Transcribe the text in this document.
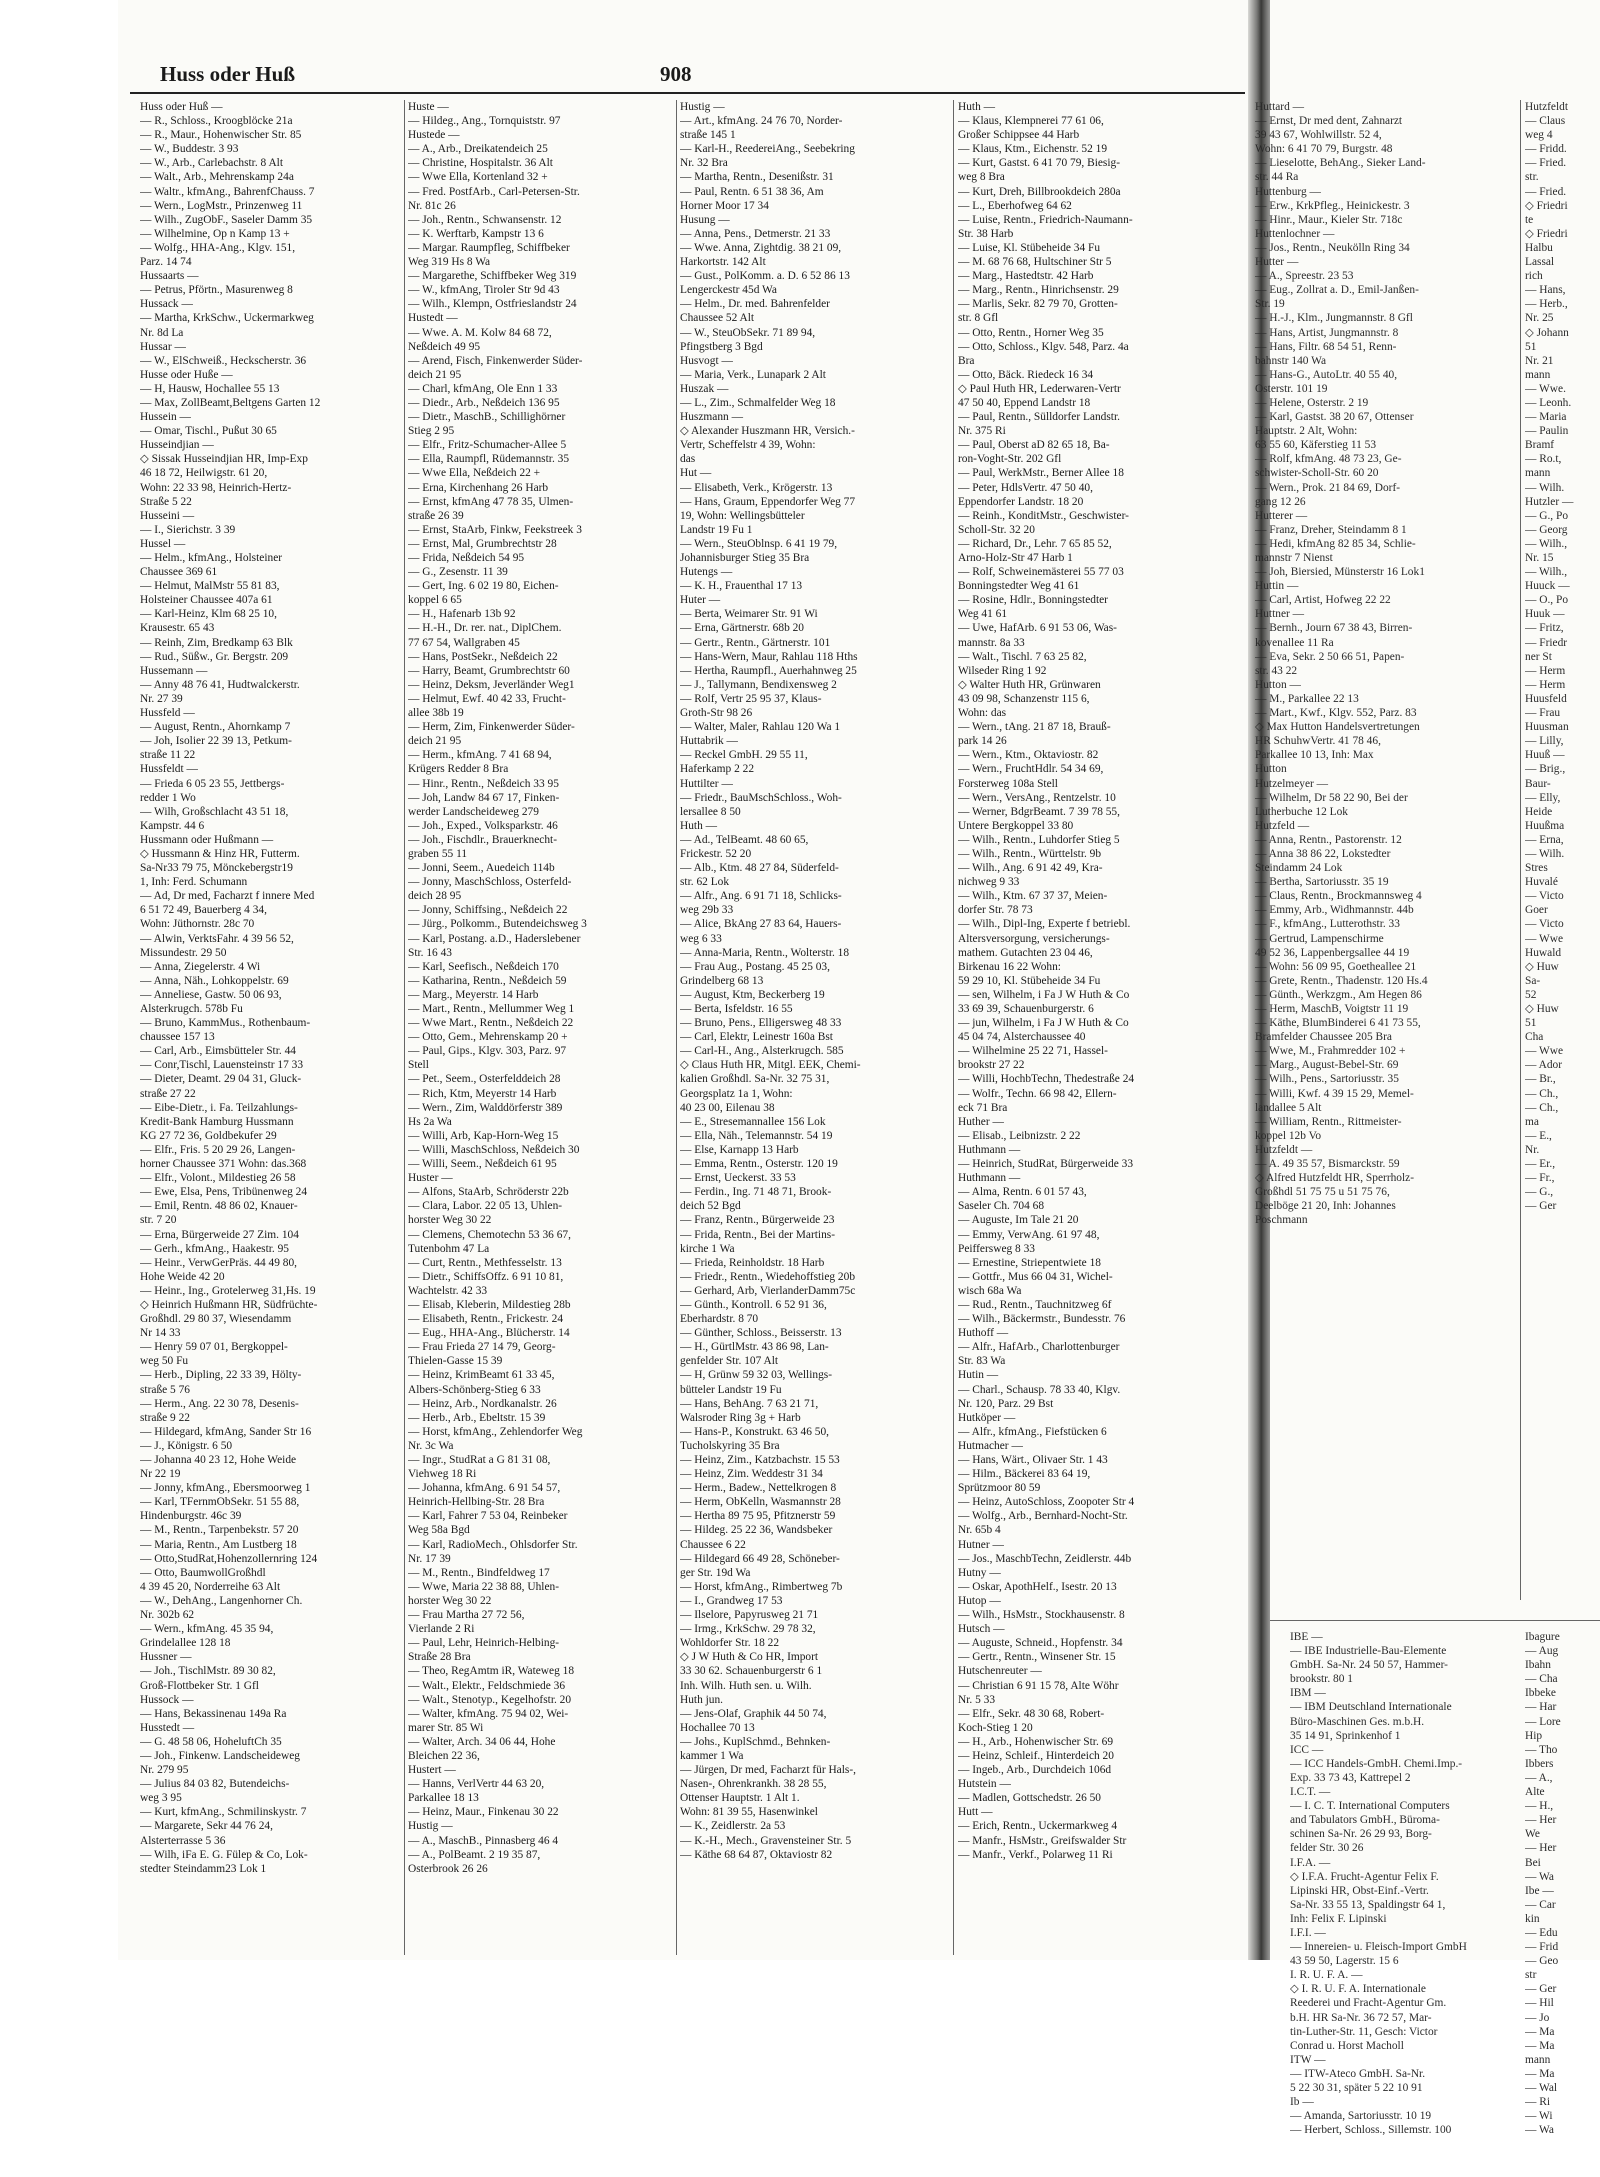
Huss oder Huß	908
Huss oder Huß —
— R., Schloss., Kroogblöcke 21a
— R., Maur., Hohenwischer Str. 85
— W., Buddestr. 3 93
— W., Arb., Carlebachstr. 8 Alt
— Walt., Arb., Mehrenskamp 24a
— Waltr., kfmAng., BahrenfChauss. 7
— Wern., LogMstr., Prinzenweg 11
— Wilh., ZugObF., Saseler Damm 35
— Wilhelmine, Op n Kamp 13 +
— Wolfg., HHA-Ang., Klgv. 151,
Parz. 14 74
Hussaarts —
— Petrus, Pförtn., Masurenweg 8
Hussack —
— Martha, KrkSchw., Uckermarkweg
Nr. 8d La
Hussar —
— W., ElSchweiß., Heckscherstr. 36
Husse oder Huße —
— H, Hausw, Hochallee 55 13
— Max, ZollBeamt,Beltgens Garten 12
Hussein —
— Omar, Tischl., Pußut 30 65
Husseindjian —
◇ Sissak Husseindjian HR, Imp-Exp
46 18 72, Heilwigstr. 61 20,
Wohn: 22 33 98, Heinrich-Hertz-
Straße 5 22
Husseini —
— I., Sierichstr. 3 39
Hussel —
— Helm., kfmAng., Holsteiner
Chaussee 369 61
— Helmut, MalMstr 55 81 83,
Holsteiner Chaussee 407a 61
— Karl-Heinz, Klm 68 25 10,
Krausestr. 65 43
— Reinh, Zim, Bredkamp 63 Blk
— Rud., Süßw., Gr. Bergstr. 209
Hussemann —
— Anny 48 76 41, Hudtwalckerstr.
Nr. 27 39
Hussfeld —
— August, Rentn., Ahornkamp 7
— Joh, Isolier 22 39 13, Petkum-
straße 11 22
Hussfeldt —
— Frieda 6 05 23 55, Jettbergs-
redder 1 Wo
— Wilh, Großschlacht 43 51 18,
Kampstr. 44 6
Hussmann oder Hußmann —
◇ Hussmann & Hinz HR, Futterm.
Sa-Nr33 79 75, Mönckebergstr19
1, Inh: Ferd. Schumann
— Ad, Dr med, Facharzt f innere Med
6 51 72 49, Bauerberg 4 34,
Wohn: Jüthornstr. 28c 70
— Alwin, VerktsFahr. 4 39 56 52,
Missundestr. 29 50
— Anna, Ziegelerstr. 4 Wi
— Anna, Näh., Lohkoppelstr. 69
— Anneliese, Gastw. 50 06 93,
Alsterkrugch. 578b Fu
— Bruno, KammMus., Rothenbaum-
chaussee 157 13
— Carl, Arb., Eimsbütteler Str. 44
— Conr,Tischl, Lauensteinstr 17 33
— Dieter, Deamt. 29 04 31, Gluck-
straße 27 22
— Eibe-Dietr., i. Fa. Teilzahlungs-
Kredit-Bank Hamburg Hussmann
KG 27 72 36, Goldbekufer 29
— Elfr., Fris. 5 20 29 26, Langen-
horner Chaussee 371 Wohn: das.368
— Elfr., Volont., Mildestieg 26 58
— Ewe, Elsa, Pens, Tribünenweg 24
— Emil, Rentn. 48 86 02, Knauer-
str. 7 20
— Erna, Bürgerweide 27 Zim. 104
— Gerh., kfmAng., Haakestr. 95
— Heinr., VerwGerPräs. 44 49 80,
Hohe Weide 42 20
— Heinr., Ing., Grotelerweg 31,Hs. 19
◇ Heinrich Hußmann HR, Südfrüchte-
Großhdl. 29 80 37, Wiesendamm
Nr 14 33
— Henry 59 07 01, Bergkoppel-
weg 50 Fu
— Herb., Dipling, 22 33 39, Hölty-
straße 5 76
— Herm., Ang. 22 30 78, Desenis-
straße 9 22
— Hildegard, kfmAng, Sander Str 16
— J., Königstr. 6 50
— Johanna 40 23 12, Hohe Weide
Nr 22 19
— Jonny, kfmAng., Ebersmoorweg 1
— Karl, TFernmObSekr. 51 55 88,
Hindenburgstr. 46c 39
— M., Rentn., Tarpenbekstr. 57 20
— Maria, Rentn., Am Lustberg 18
— Otto,StudRat,Hohenzollernring 124
— Otto, BaumwollGroßhdl
4 39 45 20, Norderreihe 63 Alt
— W., DehAng., Langenhorner Ch.
Nr. 302b 62
— Wern., kfmAng. 45 35 94,
Grindelallee 128 18
Hussner —
— Joh., TischlMstr. 89 30 82,
Groß-Flottbeker Str. 1 Gfl
Hussock —
— Hans, Bekassinenau 149a Ra
Husstedt —
— G. 48 58 06, HoheluftCh 35
— Joh., Finkenw. Landscheideweg
Nr. 279 95
— Julius 84 03 82, Butendeichs-
weg 3 95
— Kurt, kfmAng., Schmilinskystr. 7
— Margarete, Sekr 44 76 24,
Alsterterrasse 5 36
— Wilh, iFa E. G. Fülep & Co, Lok-
stedter Steindamm23 Lok 1
Huste —
— Hildeg., Ang., Tornquiststr. 97
Hustede —
— A., Arb., Dreikatendeich 25
— Christine, Hospitalstr. 36 Alt
— Wwe Ella, Kortenland 32 +
— Fred. PostfArb., Carl-Petersen-Str.
Nr. 81c 26
— Joh., Rentn., Schwansenstr. 12
— K. Werftarb, Kampstr 13 6
— Margar. Raumpfleg, Schiffbeker
Weg 319 Hs 8 Wa
— Margarethe, Schiffbeker Weg 319
— W., kfmAng, Tiroler Str 9d 43
— Wilh., Klempn, Ostfrieslandstr 24
Hustedt —
— Wwe. A. M. Kolw 84 68 72,
Neßdeich 49 95
— Arend, Fisch, Finkenwerder Süder-
deich 21 95
— Charl, kfmAng, Ole Enn 1 33
— Diedr., Arb., Neßdeich 136 95
— Dietr., MaschB., Schillighörner
Stieg 2 95
— Elfr., Fritz-Schumacher-Allee 5
— Ella, Raumpfl, Rüdemannstr. 35
— Wwe Ella, Neßdeich 22 +
— Erna, Kirchenhang 26 Harb
— Ernst, kfmAng 47 78 35, Ulmen-
straße 26 39
— Ernst, StaArb, Finkw, Feekstreek 3
— Ernst, Mal, Grumbrechtstr 28
— Frida, Neßdeich 54 95
— G., Zesenstr. 11 39
— Gert, Ing. 6 02 19 80, Eichen-
koppel 6 65
— H., Hafenarb 13b 92
— H.-H., Dr. rer. nat., DiplChem.
77 67 54, Wallgraben 45
— Hans, PostSekr., Neßdeich 22
— Harry, Beamt, Grumbrechtstr 60
— Heinz, Deksm, Jeverländer Weg1
— Helmut, Ewf. 40 42 33, Frucht-
allee 38b 19
— Herm, Zim, Finkenwerder Süder-
deich 21 95
— Herm., kfmAng. 7 41 68 94,
Krügers Redder 8 Bra
— Hinr., Rentn., Neßdeich 33 95
— Joh, Landw 84 67 17, Finken-
werder Landscheideweg 279
— Joh., Exped., Volksparkstr. 46
— Joh., Fischdlr., Brauerknecht-
graben 55 11
— Jonni, Seem., Auedeich 114b
— Jonny, MaschSchloss, Osterfeld-
deich 28 95
— Jonny, Schiffsing., Neßdeich 22
— Jürg., Polkomm., Butendeichsweg 3
— Karl, Postang. a.D., Haderslebener
Str. 16 43
— Karl, Seefisch., Neßdeich 170
— Katharina, Rentn., Neßdeich 59
— Marg., Meyerstr. 14 Harb
— Mart., Rentn., Mellummer Weg 1
— Wwe Mart., Rentn., Neßdeich 22
— Otto, Gem., Mehrenskamp 20 +
— Paul, Gips., Klgv. 303, Parz. 97
Stell
— Pet., Seem., Osterfelddeich 28
— Rich, Ktm, Meyerstr 14 Harb
— Wern., Zim, Walddörferstr 389
Hs 2a Wa
— Willi, Arb, Kap-Horn-Weg 15
— Willi, MaschSchloss, Neßdeich 30
— Willi, Seem., Neßdeich 61 95
Huster —
— Alfons, StaArb, Schröderstr 22b
— Clara, Labor. 22 05 13, Uhlen-
horster Weg 30 22
— Clemens, Chemotechn 53 36 67,
Tutenbohm 47 La
— Curt, Rentn., Methfesselstr. 13
— Dietr., SchiffsOffz. 6 91 10 81,
Wachtelstr. 42 33
— Elisab, Kleberin, Mildestieg 28b
— Elisabeth, Rentn., Frickestr. 24
— Eug., HHA-Ang., Blücherstr. 14
— Frau Frieda 27 14 79, Georg-
Thielen-Gasse 15 39
— Heinz, KrimBeamt 61 33 45,
Albers-Schönberg-Stieg 6 33
— Heinz, Arb., Nordkanalstr. 26
— Herb., Arb., Ebeltstr. 15 39
— Horst, kfmAng., Zehlendorfer Weg
Nr. 3c Wa
— Ingr., StudRat a G 81 31 08,
Viehweg 18 Ri
— Johanna, kfmAng. 6 91 54 57,
Heinrich-Hellbing-Str. 28 Bra
— Karl, Fahrer 7 53 04, Reinbeker
Weg 58a Bgd
— Karl, RadioMech., Ohlsdorfer Str.
Nr. 17 39
— M., Rentn., Bindfeldweg 17
— Wwe, Maria 22 38 88, Uhlen-
horster Weg 30 22
— Frau Martha 27 72 56,
Vierlande 2 Ri
— Paul, Lehr, Heinrich-Helbing-
Straße 28 Bra
— Theo, RegAmtm iR, Wateweg 18
— Walt., Elektr., Feldschmiede 36
— Walt., Stenotyp., Kegelhofstr. 20
— Walter, kfmAng. 75 94 02, Wei-
marer Str. 85 Wi
— Walter, Arch. 34 06 44, Hohe
Bleichen 22 36,
Hustert —
— Hanns, VerlVertr 44 63 20,
Parkallee 18 13
— Heinz, Maur., Finkenau 30 22
Hustig —
— A., MaschB., Pinnasberg 46 4
— A., PolBeamt. 2 19 35 87,
Osterbrook 26 26
Hustig —
— Art., kfmAng. 24 76 70, Norder-
straße 145 1
— Karl-H., ReedereiAng., Seebekring
Nr. 32 Bra
— Martha, Rentn., Desenißstr. 31
— Paul, Rentn. 6 51 38 36, Am
Horner Moor 17 34
Husung —
— Anna, Pens., Detmerstr. 21 33
— Wwe. Anna, Zightdig. 38 21 09,
Harkortstr. 142 Alt
— Gust., PolKomm. a. D. 6 52 86 13
Lengerckestr 45d Wa
— Helm., Dr. med. Bahrenfelder
Chaussee 52 Alt
— W., SteuObSekr. 71 89 94,
Pfingstberg 3 Bgd
Husvogt —
— Maria, Verk., Lunapark 2 Alt
Huszak —
— L., Zim., Schmalfelder Weg 18
Huszmann —
◇ Alexander Huszmann HR, Versich.-
Vertr, Scheffelstr 4 39, Wohn:
das
Hut —
— Elisabeth, Verk., Krögerstr. 13
— Hans, Graum, Eppendorfer Weg 77
19, Wohn: Wellingsbütteler
Landstr 19 Fu 1
— Wern., SteuOblnsp. 6 41 19 79,
Johannisburger Stieg 35 Bra
Hutengs —
— K. H., Frauenthal 17 13
Huter —
— Berta, Weimarer Str. 91 Wi
— Erna, Gärtnerstr. 68b 20
— Gertr., Rentn., Gärtnerstr. 101
— Hans-Wern, Maur, Rahlau 118 Hths
— Hertha, Raumpfl., Auerhahnweg 25
— J., Tallymann, Bendixensweg 2
— Rolf, Vertr 25 95 37, Klaus-
Groth-Str 98 26
— Walter, Maler, Rahlau 120 Wa 1
Huttabrik —
— Reckel GmbH. 29 55 11,
Haferkamp 2 22
Huttilter —
— Friedr., BauMschSchloss., Woh-
lersallee 8 50
Huth —
— Ad., TelBeamt. 48 60 65,
Frickestr. 52 20
— Alb., Ktm. 48 27 84, Süderfeld-
str. 62 Lok
— Alfr., Ang. 6 91 71 18, Schlicks-
weg 29b 33
— Alice, BkAng 27 83 64, Hauers-
weg 6 33
— Anna-Maria, Rentn., Wolterstr. 18
— Frau Aug., Postang. 45 25 03,
Grindelberg 68 13
— August, Ktm, Beckerberg 19
— Berta, Isfeldstr. 16 55
— Bruno, Pens., Elligersweg 48 33
— Carl, Elektr, Leinestr 160a Bst
— Carl-H., Ang., Alsterkrugch. 585
◇ Claus Huth HR, Mitgl. EEK, Chemi-
kalien Großhdl. Sa-Nr. 32 75 31,
Georgsplatz 1a 1, Wohn:
40 23 00, Eilenau 38
— E., Stresemannallee 156 Lok
— Ella, Näh., Telemannstr. 54 19
— Else, Karnapp 13 Harb
— Emma, Rentn., Osterstr. 120 19
— Ernst, Ueckerst. 33 53
— Ferdin., Ing. 71 48 71, Brook-
deich 52 Bgd
— Franz, Rentn., Bürgerweide 23
— Frida, Rentn., Bei der Martins-
kirche 1 Wa
— Frieda, Reinholdstr. 18 Harb
— Friedr., Rentn., Wiedehoffstieg 20b
— Gerhard, Arb, VierlanderDamm75c
— Günth., Kontroll. 6 52 91 36,
Eberhardstr. 8 70
— Günther, Schloss., Beisserstr. 13
— H., GürtlMstr. 43 86 98, Lan-
genfelder Str. 107 Alt
— H, Grünw 59 32 03, Wellings-
bütteler Landstr 19 Fu
— Hans, BehAng. 7 63 21 71,
Walsroder Ring 3g + Harb
— Hans-P., Konstrukt. 63 46 50,
Tucholskyring 35 Bra
— Heinz, Zim., Katzbachstr. 15 53
— Heinz, Zim. Weddestr 31 34
— Herm., Badew., Nettelkrogen 8
— Herm, ObKelln, Wasmannstr 28
— Hertha 89 75 95, Pfitznerstr 59
— Hildeg. 25 22 36, Wandsbeker
Chaussee 6 22
— Hildegard 66 49 28, Schöneber-
ger Str. 19d Wa
— Horst, kfmAng., Rimbertweg 7b
— I., Grandweg 17 53
— Ilselore, Papyrusweg 21 71
— Irmg., KrkSchw. 29 78 32,
Wohldorfer Str. 18 22
◇ J W Huth & Co HR, Import
33 30 62. Schauenburgerstr 6 1
Inh. Wilh. Huth sen. u. Wilh.
Huth jun.
— Jens-Olaf, Graphik 44 50 74,
Hochallee 70 13
— Johs., KuplSchmd., Behnken-
kammer 1 Wa
— Jürgen, Dr med, Facharzt für Hals-,
Nasen-, Ohrenkrankh. 38 28 55,
Ottenser Hauptstr. 1 Alt 1.
Wohn: 81 39 55, Hasenwinkel
— K., Zeidlerstr. 2a 53
— K.-H., Mech., Gravensteiner Str. 5
— Käthe 68 64 87, Oktaviostr 82
Huth —
— Klaus, Klempnerei 77 61 06,
Großer Schippsee 44 Harb
— Klaus, Ktm., Eichenstr. 52 19
— Kurt, Gastst. 6 41 70 79, Biesig-
weg 8 Bra
— Kurt, Dreh, Billbrookdeich 280a
— L., Eberhofweg 64 62
— Luise, Rentn., Friedrich-Naumann-
Str. 38 Harb
— Luise, Kl. Stübeheide 34 Fu
— M. 68 76 68, Hultschiner Str 5
— Marg., Hastedtstr. 42 Harb
— Marg., Rentn., Hinrichsenstr. 29
— Marlis, Sekr. 82 79 70, Grotten-
str. 8 Gfl
— Otto, Rentn., Horner Weg 35
— Otto, Schloss., Klgv. 548, Parz. 4a
Bra
— Otto, Bäck. Riedeck 16 34
◇ Paul Huth HR, Lederwaren-Vertr
47 50 40, Eppend Landstr 18
— Paul, Rentn., Sülldorfer Landstr.
Nr. 375 Ri
— Paul, Oberst aD 82 65 18, Ba-
ron-Voght-Str. 202 Gfl
— Paul, WerkMstr., Berner Allee 18
— Peter, HdlsVertr. 47 50 40,
Eppendorfer Landstr. 18 20
— Reinh., KonditMstr., Geschwister-
Scholl-Str. 32 20
— Richard, Dr., Lehr. 7 65 85 52,
Arno-Holz-Str 47 Harb 1
— Rolf, Schweinemästerei 55 77 03
Bonningstedter Weg 41 61
— Rosine, Hdlr., Bonningstedter
Weg 41 61
— Uwe, HafArb. 6 91 53 06, Was-
mannstr. 8a 33
— Walt., Tischl. 7 63 25 82,
Wilseder Ring 1 92
◇ Walter Huth HR, Grünwaren
43 09 98, Schanzenstr 115 6,
Wohn: das
— Wern., tAng. 21 87 18, Brauß-
park 14 26
— Wern., Ktm., Oktaviostr. 82
— Wern., FruchtHdlr. 54 34 69,
Forsterweg 108a Stell
— Wern., VersAng., Rentzelstr. 10
— Werner, BdgrBeamt. 7 39 78 55,
Untere Bergkoppel 33 80
— Wilh., Rentn., Luhdorfer Stieg 5
— Wilh., Rentn., Württelstr. 9b
— Wilh., Ang. 6 91 42 49, Kra-
nichweg 9 33
— Wilh., Ktm. 67 37 37, Meien-
dorfer Str. 78 73
— Wilh., Dipl-Ing, Experte f betriebl.
Altersversorgung, versicherungs-
mathem. Gutachten 23 04 46,
Birkenau 16 22 Wohn:
59 29 10, Kl. Stübeheide 34 Fu
— sen, Wilhelm, i Fa J W Huth & Co
33 69 39, Schauenburgerstr. 6
— jun, Wilhelm, i Fa J W Huth & Co
45 04 74, Alsterchaussee 40
— Wilhelmine 25 22 71, Hassel-
brookstr 27 22
— Willi, HochbTechn, Thedestraße 24
— Wolfr., Techn. 66 98 42, Ellern-
eck 71 Bra
Huther —
— Elisab., Leibnizstr. 2 22
Huthmann —
— Heinrich, StudRat, Bürgerweide 33
Huthmann —
— Alma, Rentn. 6 01 57 43,
Saseler Ch. 704 68
— Auguste, Im Tale 21 20
— Emmy, VerwAng. 61 97 48,
Peiffersweg 8 33
— Ernestine, Striepentwiete 18
— Gottfr., Mus 66 04 31, Wichel-
wisch 68a Wa
— Rud., Rentn., Tauchnitzweg 6f
— Wilh., Bäckermstr., Bundesstr. 76
Huthoff —
— Alfr., HafArb., Charlottenburger
Str. 83 Wa
Hutin —
— Charl., Schausp. 78 33 40, Klgv.
Nr. 120, Parz. 29 Bst
Hutköper —
— Alfr., kfmAng., Fiefstücken 6
Hutmacher —
— Hans, Wärt., Olivaer Str. 1 43
— Hilm., Bäckerei 83 64 19,
Sprützmoor 80 59
— Heinz, AutoSchloss, Zoopoter Str 4
— Wolfg., Arb., Bernhard-Nocht-Str.
Nr. 65b 4
Hutner —
— Jos., MaschbTechn, Zeidlerstr. 44b
Hutny —
— Oskar, ApothHelf., Isestr. 20 13
Hutop —
— Wilh., HsMstr., Stockhausenstr. 8
Hutsch —
— Auguste, Schneid., Hopfenstr. 34
— Gertr., Rentn., Winsener Str. 15
Hutschenreuter —
— Christian 6 91 15 78, Alte Wöhr
Nr. 5 33
— Elfr., Sekr. 48 30 68, Robert-
Koch-Stieg 1 20
— H., Arb., Hohenwischer Str. 69
— Heinz, Schleif., Hinterdeich 20
— Ingeb., Arb., Durchdeich 106d
Hutstein —
— Madlen, Gottschedstr. 26 50
Hutt —
— Erich, Rentn., Uckermarkweg 4
— Manfr., HsMstr., Greifswalder Str
— Manfr., Verkf., Polarweg 11 Ri
Huttard —
— Ernst, Dr med dent, Zahnarzt
39 43 67, Wohlwillstr. 52 4,
Wohn: 6 41 70 79, Burgstr. 48
— Lieselotte, BehAng., Sieker Land-
str. 44 Ra
Huttenburg —
— Erw., KrkPfleg., Heinickestr. 3
— Hinr., Maur., Kieler Str. 718c
Huttenlochner —
— Jos., Rentn., Neukölln Ring 34
Hutter —
— A., Spreestr. 23 53
— Eug., Zollrat a. D., Emil-Janßen-
Str. 19
— H.-J., Klm., Jungmannstr. 8 Gfl
— Hans, Artist, Jungmannstr. 8
— Hans, Filtr. 68 54 51, Renn-
bahnstr 140 Wa
— Hans-G., AutoLtr. 40 55 40,
Osterstr. 101 19
— Helene, Osterstr. 2 19
— Karl, Gastst. 38 20 67, Ottenser
Hauptstr. 2 Alt, Wohn:
63 55 60, Käferstieg 11 53
— Rolf, kfmAng. 48 73 23, Ge-
schwister-Scholl-Str. 60 20
— Wern., Prok. 21 84 69, Dorf-
gang 12 26
Hutterer —
— Franz, Dreher, Steindamm 8 1
— Hedi, kfmAng 82 85 34, Schlie-
mannstr 7 Nienst
— Joh, Biersied, Münsterstr 16 Lok1
Huttin —
— Carl, Artist, Hofweg 22 22
Huttner —
— Bernh., Journ 67 38 43, Birren-
kovenallee 11 Ra
— Eva, Sekr. 2 50 66 51, Papen-
str. 43 22
Hutton —
— M., Parkallee 22 13
— Mart., Kwf., Klgv. 552, Parz. 83
◇ Max Hutton Handelsvertretungen
HR SchuhwVertr. 41 78 46,
Parkallee 10 13, Inh: Max
Hutton
Hutzelmeyer —
— Wilhelm, Dr 58 22 90, Bei der
Lutherbuche 12 Lok
Hutzfeld —
— Anna, Rentn., Pastorenstr. 12
— Anna 38 86 22, Lokstedter
Steindamm 24 Lok
— Bertha, Sartoriusstr. 35 19
— Claus, Rentn., Brockmannsweg 4
— Emmy, Arb., Widhmannstr. 44b
— F., kfmAng., Lutterothstr. 33
— Gertrud, Lampenschirme
49 52 36, Lappenbergsallee 44 19
— Wohn: 56 09 95, Goetheallee 21
— Grete, Rentn., Thadenstr. 120 Hs.4
— Günth., Werkzgm., Am Hegen 86
— Herm, MaschB, Voigtstr 11 19
— Käthe, BlumBinderei 6 41 73 55,
Bramfelder Chaussee 205 Bra
— Wwe, M., Frahmredder 102 +
— Marg., August-Bebel-Str. 69
— Wilh., Pens., Sartoriusstr. 35
— Willi, Kwf. 4 39 15 29, Memel-
landallee 5 Alt
— William, Rentn., Rittmeister-
koppel 12b Vo
Hutzfeldt —
— A. 49 35 57, Bismarckstr. 59
◇ Alfred Hutzfeldt HR, Sperrholz-
Großhdl 51 75 75 u 51 75 76,
Deelböge 21 20, Inh: Johannes
Poschmann
Hutzfeldt
— Claus
weg 4
— Fridd.
— Fried.
str.
— Fried.
◇ Friedri
te
◇ Friedri
Halbu
Lassal
rich
— Hans,
— Herb.,
Nr. 25
◇ Johann
51
Nr. 21
mann
— Wwe.
— Leonh.
— Maria
— Paulin
Bramf
— Ro.t,
mann
— Wilh.
Hutzler —
— G., Po
— Georg
— Wilh.,
Nr. 15
— Wilh.,
Huuck —
— O., Po
Huuk —
— Fritz,
— Friedr
ner St
— Herm
— Herm
Huusfeld
— Frau
Huusman
— Lilly,
Huuß —
— Brig.,
Baur-
— Elly,
Heide
Huußma
— Erna,
— Wilh.
Stres
Huvalé
— Victo
Goer
— Victo
— Wwe
Huwald
◇ Huw
Sa-
52
◇ Huw
51
Cha
— Wwe
— Ador
— Br.,
— Ch.,
— Ch.,
ma
— E.,
Nr.
— Er.,
— Fr.,
— G.,
— Ger
IBE —
— IBE Industrielle-Bau-Elemente
GmbH. Sa-Nr. 24 50 57, Hammer-
brookstr. 80 1
IBM —
— IBM Deutschland Internationale
Büro-Maschinen Ges. m.b.H.
35 14 91, Sprinkenhof 1
ICC —
— ICC Handels-GmbH. Chemi.Imp.-
Exp. 33 73 43, Kattrepel 2
I.C.T. —
— I. C. T. International Computers
and Tabulators GmbH., Büroma-
schinen Sa-Nr. 26 29 93, Borg-
felder Str. 30 26
I.F.A. —
◇ I.F.A. Frucht-Agentur Felix F.
Lipinski HR, Obst-Einf.-Vertr.
Sa-Nr. 33 55 13, Spaldingstr 64 1,
Inh: Felix F. Lipinski
I.F.I. —
— Innereien- u. Fleisch-Import GmbH
43 59 50, Lagerstr. 15 6
I. R. U. F. A. —
◇ I. R. U. F. A. Internationale
Reederei und Fracht-Agentur Gm.
b.H. HR Sa-Nr. 36 72 57, Mar-
tin-Luther-Str. 11, Gesch: Victor
Conrad u. Horst Macholl
ITW —
— ITW-Ateco GmbH. Sa-Nr.
5 22 30 31, später 5 22 10 91
Ib —
— Amanda, Sartoriusstr. 10 19
— Herbert, Schloss., Sillemstr. 100
Ibagure
— Aug
Ibahn
— Cha
Ibbeke
— Har
— Lore
Hip
— Tho
Ibbers
— A.,
Alte
— H.,
— Her
We
— Her
Bei
— Wa
Ibe —
— Car
kin
— Edu
— Frid
— Geo
str
— Ger
— Hil
— Jo
— Ma
— Ma
mann
— Ma
— Wal
— Ri
— Wi
— Wa
